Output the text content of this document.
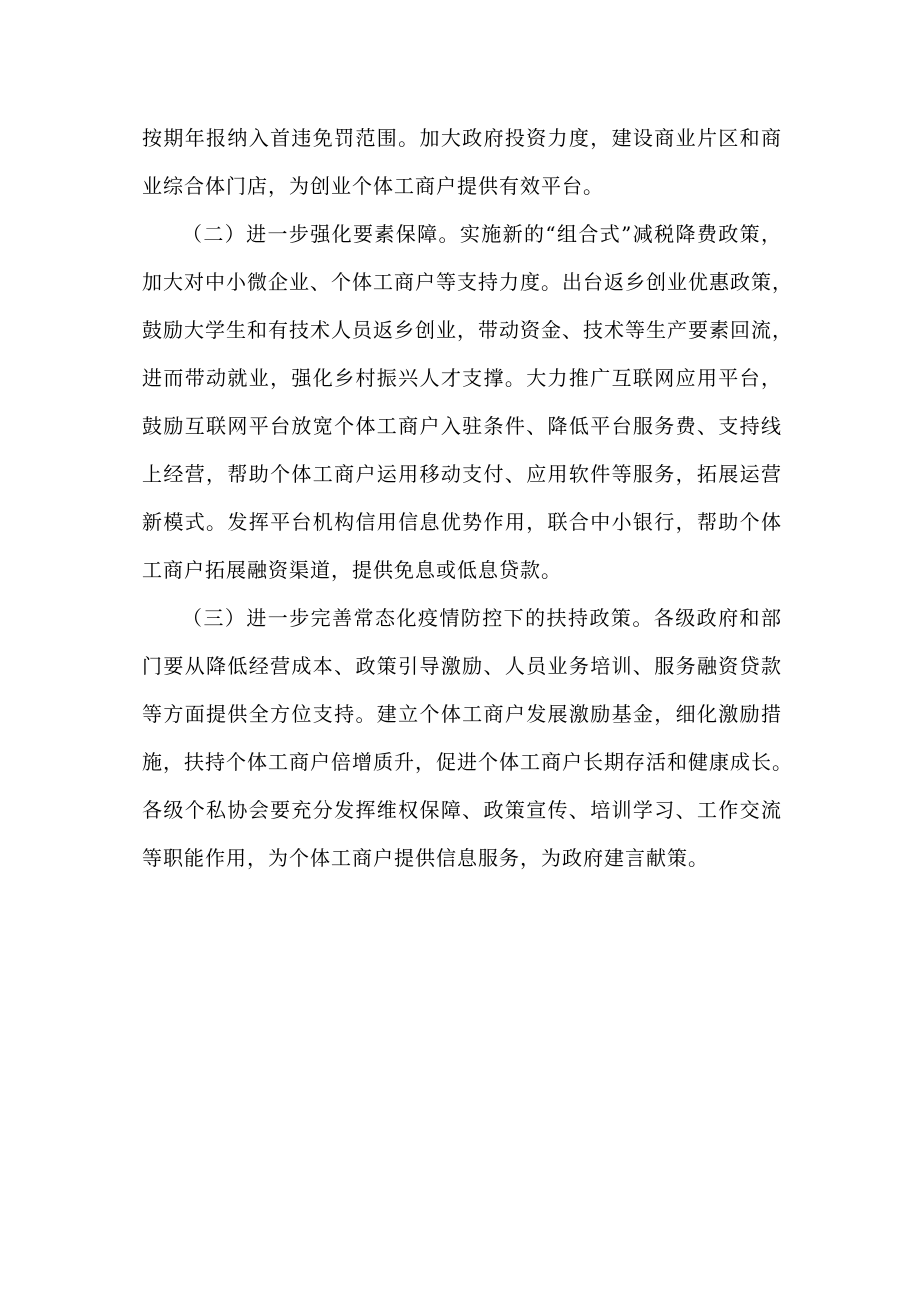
按期年报纳入首违免罚范围。加大政府投资力度，建设商业片区和商
业综合体门店，为创业个体工商户提供有效平台。
（二）进一步强化要素保障。实施新的“组合式”减税降费政策，
加大对中小微企业、个体工商户等支持力度。出台返乡创业优惠政策，
鼓励大学生和有技术人员返乡创业，带动资金、技术等生产要素回流，
进而带动就业，强化乡村振兴人才支撑。大力推广互联网应用平台，
鼓励互联网平台放宽个体工商户入驻条件、降低平台服务费、支持线
上经营，帮助个体工商户运用移动支付、应用软件等服务，拓展运营
新模式。发挥平台机构信用信息优势作用，联合中小银行，帮助个体
工商户拓展融资渠道，提供免息或低息贷款。
（三）进一步完善常态化疫情防控下的扶持政策。各级政府和部
门要从降低经营成本、政策引导激励、人员业务培训、服务融资贷款
等方面提供全方位支持。建立个体工商户发展激励基金，细化激励措
施，扶持个体工商户倍增质升，促进个体工商户长期存活和健康成长。
各级个私协会要充分发挥维权保障、政策宣传、培训学习、工作交流
等职能作用，为个体工商户提供信息服务，为政府建言献策。
